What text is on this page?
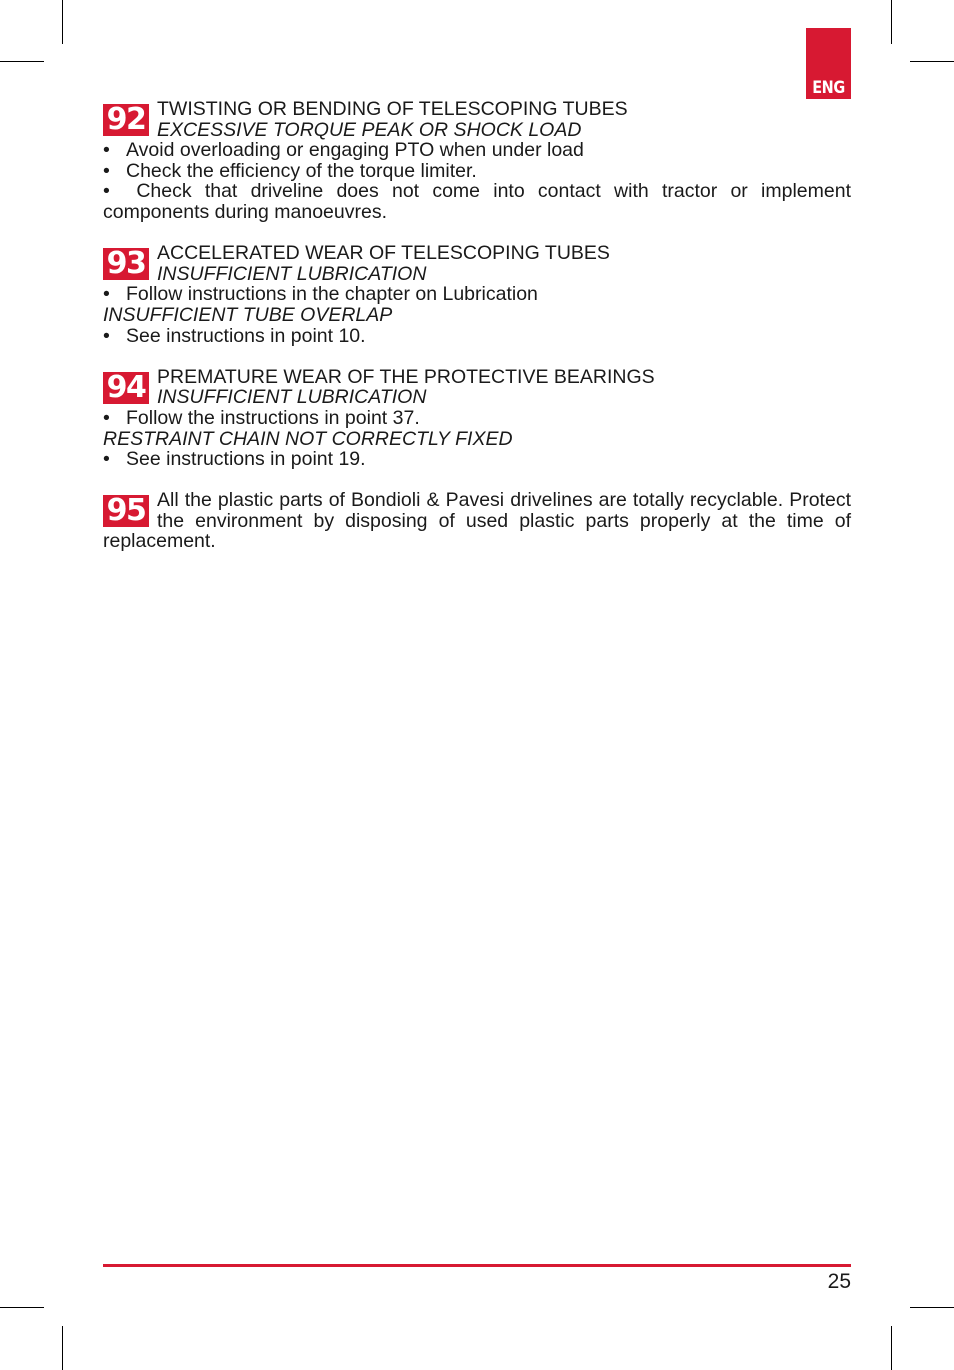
ENG
92 TWISTING OR BENDING OF TELESCOPING TUBES
EXCESSIVE TORQUE PEAK OR SHOCK LOAD
• Avoid overloading or engaging PTO when under load
• Check the efficiency of the torque limiter.
•  Check that driveline does not come into contact with tractor or implement components during manoeuvres.
93 ACCELERATED WEAR OF TELESCOPING TUBES
INSUFFICIENT LUBRICATION
• Follow instructions in the chapter on Lubrication
INSUFFICIENT TUBE OVERLAP
• See instructions in point 10.
94 PREMATURE WEAR OF THE PROTECTIVE BEARINGS
INSUFFICIENT LUBRICATION
• Follow the instructions in point 37.
RESTRAINT CHAIN NOT CORRECTLY FIXED
• See instructions in point 19.
95 All the plastic parts of Bondioli & Pavesi drivelines are totally recyclable. Protect the environment by disposing of used plastic parts properly at the time of replacement.
25
